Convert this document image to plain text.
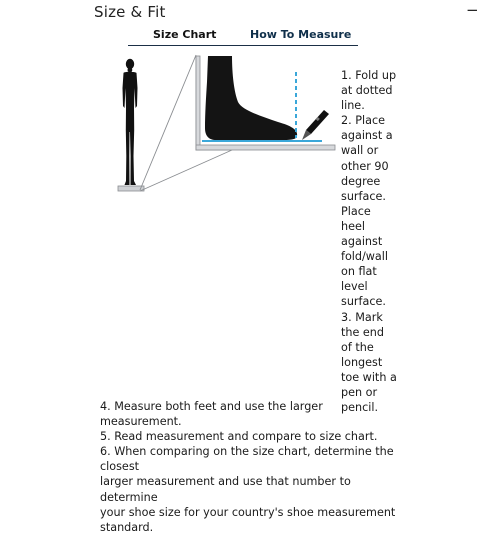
Size & Fit	−
Size Chart	How To Measure
1. Fold up
at dotted
line.
2. Place
against a
wall or
other 90
degree
surface.
Place
heel
against
fold/wall
on flat
level
surface.
3. Mark
the end
of the
longest
toe with a
pen or
pencil.
4. Measure both feet and use the larger measurement.
5. Read measurement and compare to size chart.
6. When comparing on the size chart, determine the closest
larger measurement and use that number to determine
your shoe size for your country's shoe measurement
standard.
